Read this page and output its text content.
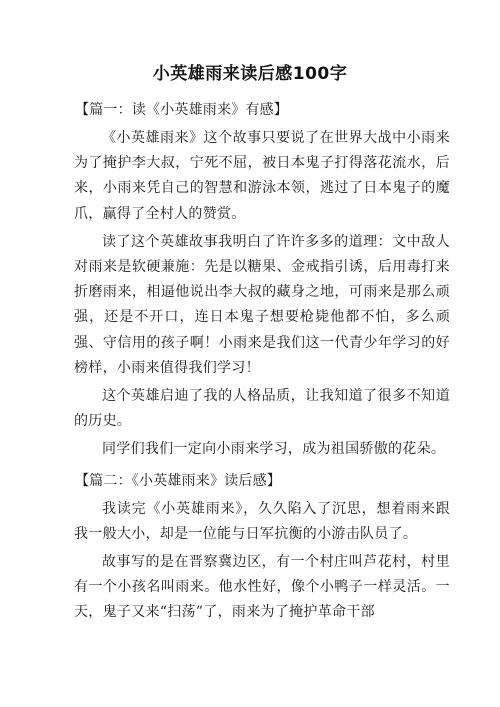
小英雄雨来读后感100字

【篇一：读《小英雄雨来》有感】

《小英雄雨来》这个故事只要说了在世界大战中小雨来为了掩护李大叔，宁死不屈，被日本鬼子打得落花流水，后来，小雨来凭自己的智慧和游泳本领，逃过了日本鬼子的魔爪，赢得了全村人的赞赏。

读了这个英雄故事我明白了许许多多的道理：文中敌人对雨来是软硬兼施：先是以糖果、金戒指引诱，后用毒打来折磨雨来，相逼他说出李大叔的藏身之地，可雨来是那么顽强，还是不开口，连日本鬼子想要枪毙他都不怕，多么顽强、守信用的孩子啊！小雨来是我们这一代青少年学习的好榜样，小雨来值得我们学习！

这个英雄启迪了我的人格品质，让我知道了很多不知道的历史。

同学们我们一定向小雨来学习，成为祖国骄傲的花朵。

【篇二：《小英雄雨来》读后感】

我读完《小英雄雨来》，久久陷入了沉思，想着雨来跟我一般大小，却是一位能与日军抗衡的小游击队员了。

故事写的是在晋察冀边区，有一个村庄叫芦花村，村里有一个小孩名叫雨来。他水性好，像个小鸭子一样灵活。一天，鬼子又来“扫荡”了，雨来为了掩护革命干部
